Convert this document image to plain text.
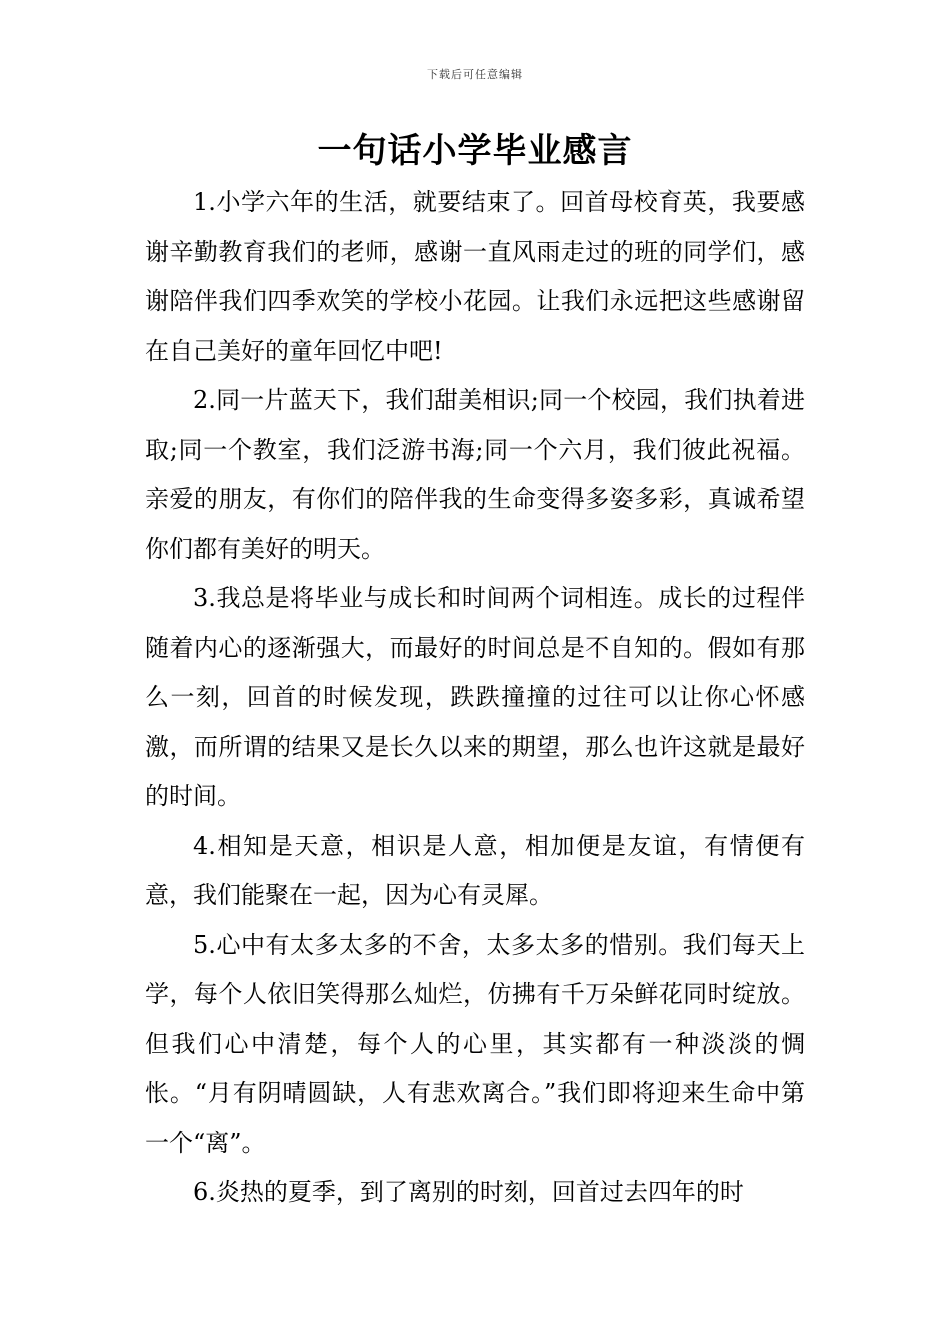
下载后可任意编辑
一句话小学毕业感言

1.小学六年的生活，就要结束了。回首母校育英，我要感谢辛勤教育我们的老师，感谢一直风雨走过的班的同学们，感谢陪伴我们四季欢笑的学校小花园。让我们永远把这些感谢留在自己美好的童年回忆中吧!

2.同一片蓝天下，我们甜美相识;同一个校园，我们执着进取;同一个教室，我们泛游书海;同一个六月，我们彼此祝福。亲爱的朋友，有你们的陪伴我的生命变得多姿多彩，真诚希望你们都有美好的明天。

3.我总是将毕业与成长和时间两个词相连。成长的过程伴随着内心的逐渐强大，而最好的时间总是不自知的。假如有那么一刻，回首的时候发现，跌跌撞撞的过往可以让你心怀感激，而所谓的结果又是长久以来的期望，那么也许这就是最好的时间。

4.相知是天意，相识是人意，相加便是友谊，有情便有意，我们能聚在一起，因为心有灵犀。

5.心中有太多太多的不舍，太多太多的惜别。我们每天上学，每个人依旧笑得那么灿烂，仿拂有千万朵鲜花同时绽放。但我们心中清楚，每个人的心里，其实都有一种淡淡的惆怅。“月有阴晴圆缺，人有悲欢离合。”我们即将迎来生命中第一个“离”。

6.炎热的夏季，到了离别的时刻，回首过去四年的时
